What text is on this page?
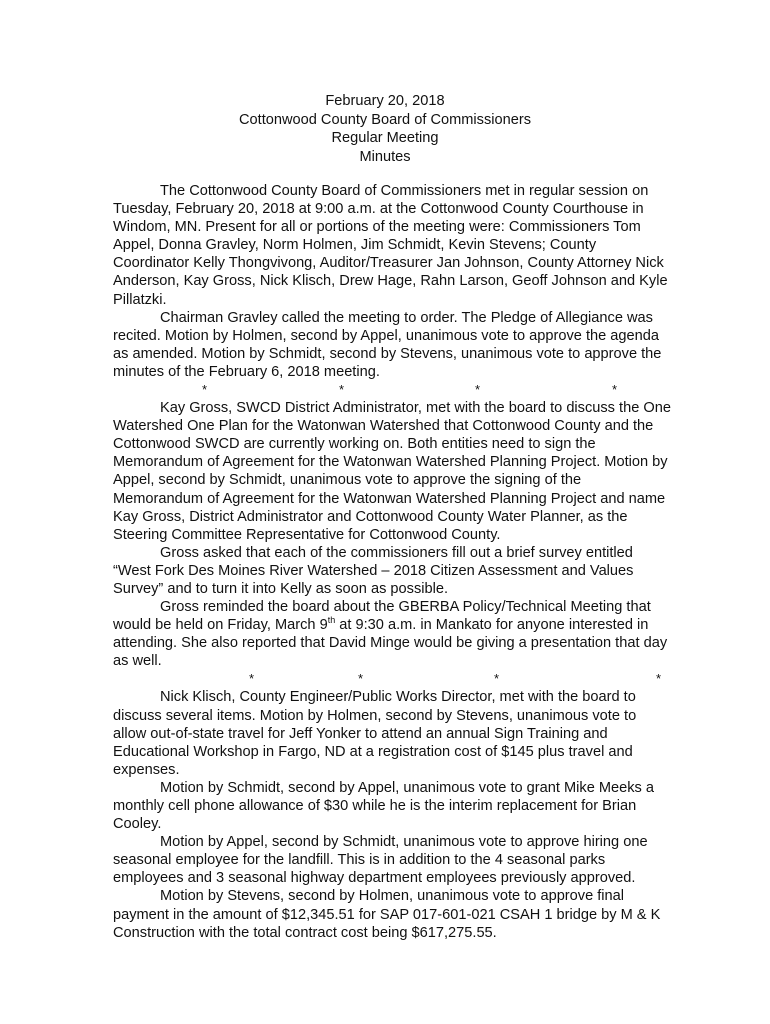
February 20, 2018
Cottonwood County Board of Commissioners
Regular Meeting
Minutes

The Cottonwood County Board of Commissioners met in regular session on Tuesday, February 20, 2018 at 9:00 a.m. at the Cottonwood County Courthouse in Windom, MN. Present for all or portions of the meeting were: Commissioners Tom Appel, Donna Gravley, Norm Holmen, Jim Schmidt, Kevin Stevens; County Coordinator Kelly Thongvivong, Auditor/Treasurer Jan Johnson, County Attorney Nick Anderson, Kay Gross, Nick Klisch, Drew Hage, Rahn Larson, Geoff Johnson and Kyle Pillatzki.

Chairman Gravley called the meeting to order. The Pledge of Allegiance was recited. Motion by Holmen, second by Appel, unanimous vote to approve the agenda as amended. Motion by Schmidt, second by Stevens, unanimous vote to approve the minutes of the February 6, 2018 meeting.

*	*	*	*

Kay Gross, SWCD District Administrator, met with the board to discuss the One Watershed One Plan for the Watonwan Watershed that Cottonwood County and the Cottonwood SWCD are currently working on. Both entities need to sign the Memorandum of Agreement for the Watonwan Watershed Planning Project. Motion by Appel, second by Schmidt, unanimous vote to approve the signing of the Memorandum of Agreement for the Watonwan Watershed Planning Project and name Kay Gross, District Administrator and Cottonwood County Water Planner, as the Steering Committee Representative for Cottonwood County.

Gross asked that each of the commissioners fill out a brief survey entitled “West Fork Des Moines River Watershed – 2018 Citizen Assessment and Values Survey” and to turn it into Kelly as soon as possible.

Gross reminded the board about the GBERBA Policy/Technical Meeting that would be held on Friday, March 9th at 9:30 a.m. in Mankato for anyone interested in attending. She also reported that David Minge would be giving a presentation that day as well.

*	*	*	*

Nick Klisch, County Engineer/Public Works Director, met with the board to discuss several items. Motion by Holmen, second by Stevens, unanimous vote to allow out-of-state travel for Jeff Yonker to attend an annual Sign Training and Educational Workshop in Fargo, ND at a registration cost of $145 plus travel and expenses.

Motion by Schmidt, second by Appel, unanimous vote to grant Mike Meeks a monthly cell phone allowance of $30 while he is the interim replacement for Brian Cooley.

Motion by Appel, second by Schmidt, unanimous vote to approve hiring one seasonal employee for the landfill. This is in addition to the 4 seasonal parks employees and 3 seasonal highway department employees previously approved.

Motion by Stevens, second by Holmen, unanimous vote to approve final payment in the amount of $12,345.51 for SAP 017-601-021 CSAH 1 bridge by M & K Construction with the total contract cost being $617,275.55.
